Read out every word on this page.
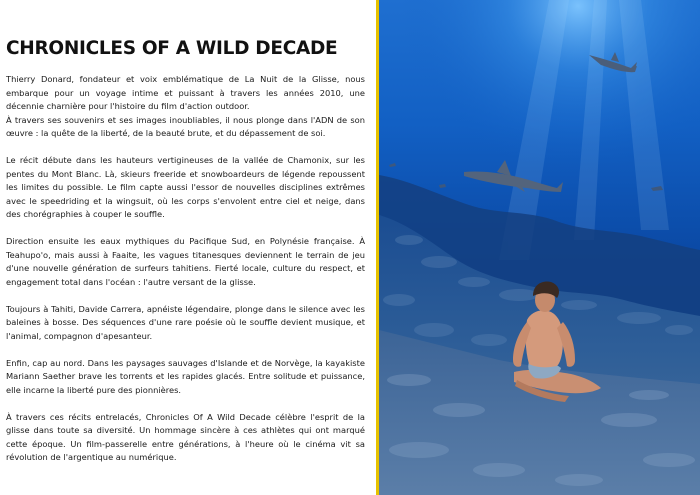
CHRONICLES OF A WILD DECADE

Thierry Donard, fondateur et voix emblématique de La Nuit de la Glisse, nous embarque pour un voyage intime et puissant à travers les années 2010, une décennie charnière pour l'histoire du film d'action outdoor.

À travers ses souvenirs et ses images inoubliables, il nous plonge dans l'ADN de son œuvre : la quête de la liberté, de la beauté brute, et du dépassement de soi.

Le récit débute dans les hauteurs vertigineuses de la vallée de Chamonix, sur les pentes du Mont Blanc. Là, skieurs freeride et snowboardeurs de légende repoussent les limites du possible. Le film capte aussi l'essor de nouvelles disciplines extrêmes avec le speedriding et la wingsuit, où les corps s'envolent entre ciel et neige, dans des chorégraphies à couper le souffle.

Direction ensuite les eaux mythiques du Pacifique Sud, en Polynésie française. À Teahupo'o, mais aussi à Faaite, les vagues titanesques deviennent le terrain de jeu d'une nouvelle génération de surfeurs tahitiens. Fierté locale, culture du respect, et engagement total dans l'océan : l'autre versant de la glisse.

Toujours à Tahiti, Davide Carrera, apnéiste légendaire, plonge dans le silence avec les baleines à bosse. Des séquences d'une rare poésie où le souffle devient musique, et l'animal, compagnon d'apesanteur.

Enfin, cap au nord. Dans les paysages sauvages d'Islande et de Norvège, la kayakiste Mariann Saether brave les torrents et les rapides glacés. Entre solitude et puissance, elle incarne la liberté pure des pionnières.

À travers ces récits entrelacés, Chronicles Of A Wild Decade célèbre l'esprit de la glisse dans toute sa diversité. Un hommage sincère à ces athlètes qui ont marqué cette époque. Un film-passerelle entre générations, à l'heure où le cinéma vit sa révolution de l'argentique au numérique.
